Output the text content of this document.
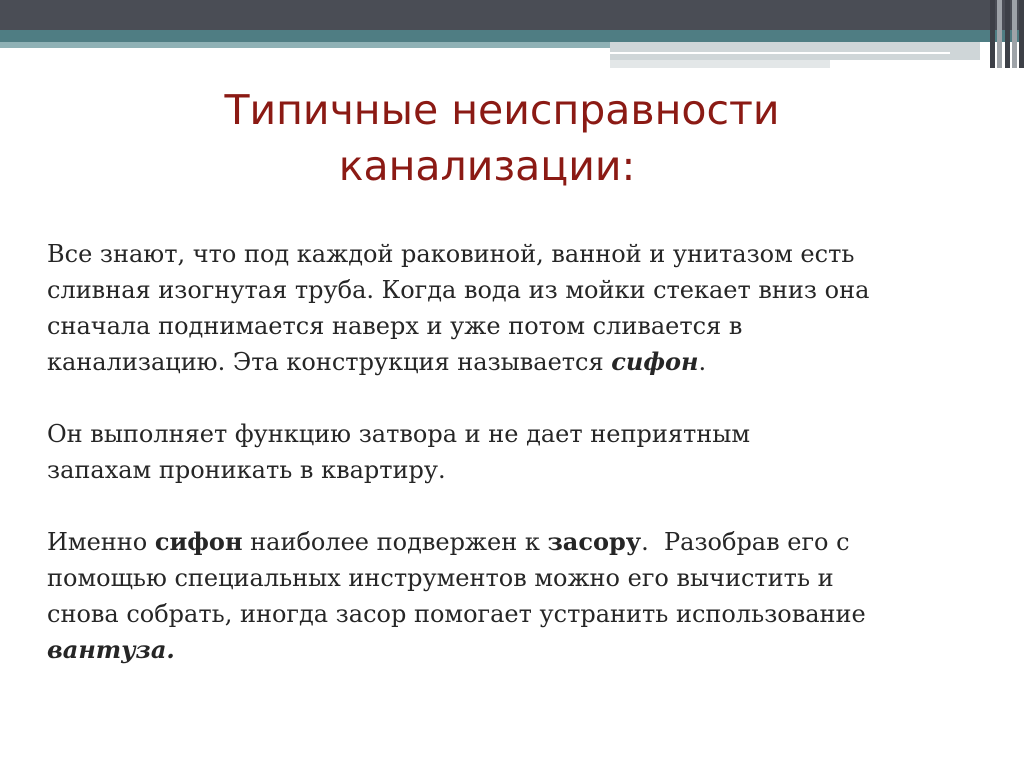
Типичные неисправности
канализации:

Все знают, что под каждой раковиной, ванной и унитазом есть
сливная изогнутая труба. Когда вода из мойки стекает вниз она
сначала поднимается наверх и уже потом сливается в
канализацию. Эта конструкция называется сифон.

Он выполняет функцию затвора и не дает неприятным
запахам проникать в квартиру.

Именно сифон наиболее подвержен к засору.  Разобрав его с
помощью специальных инструментов можно его вычистить и
снова собрать, иногда засор помогает устранить использование
вантуза.
